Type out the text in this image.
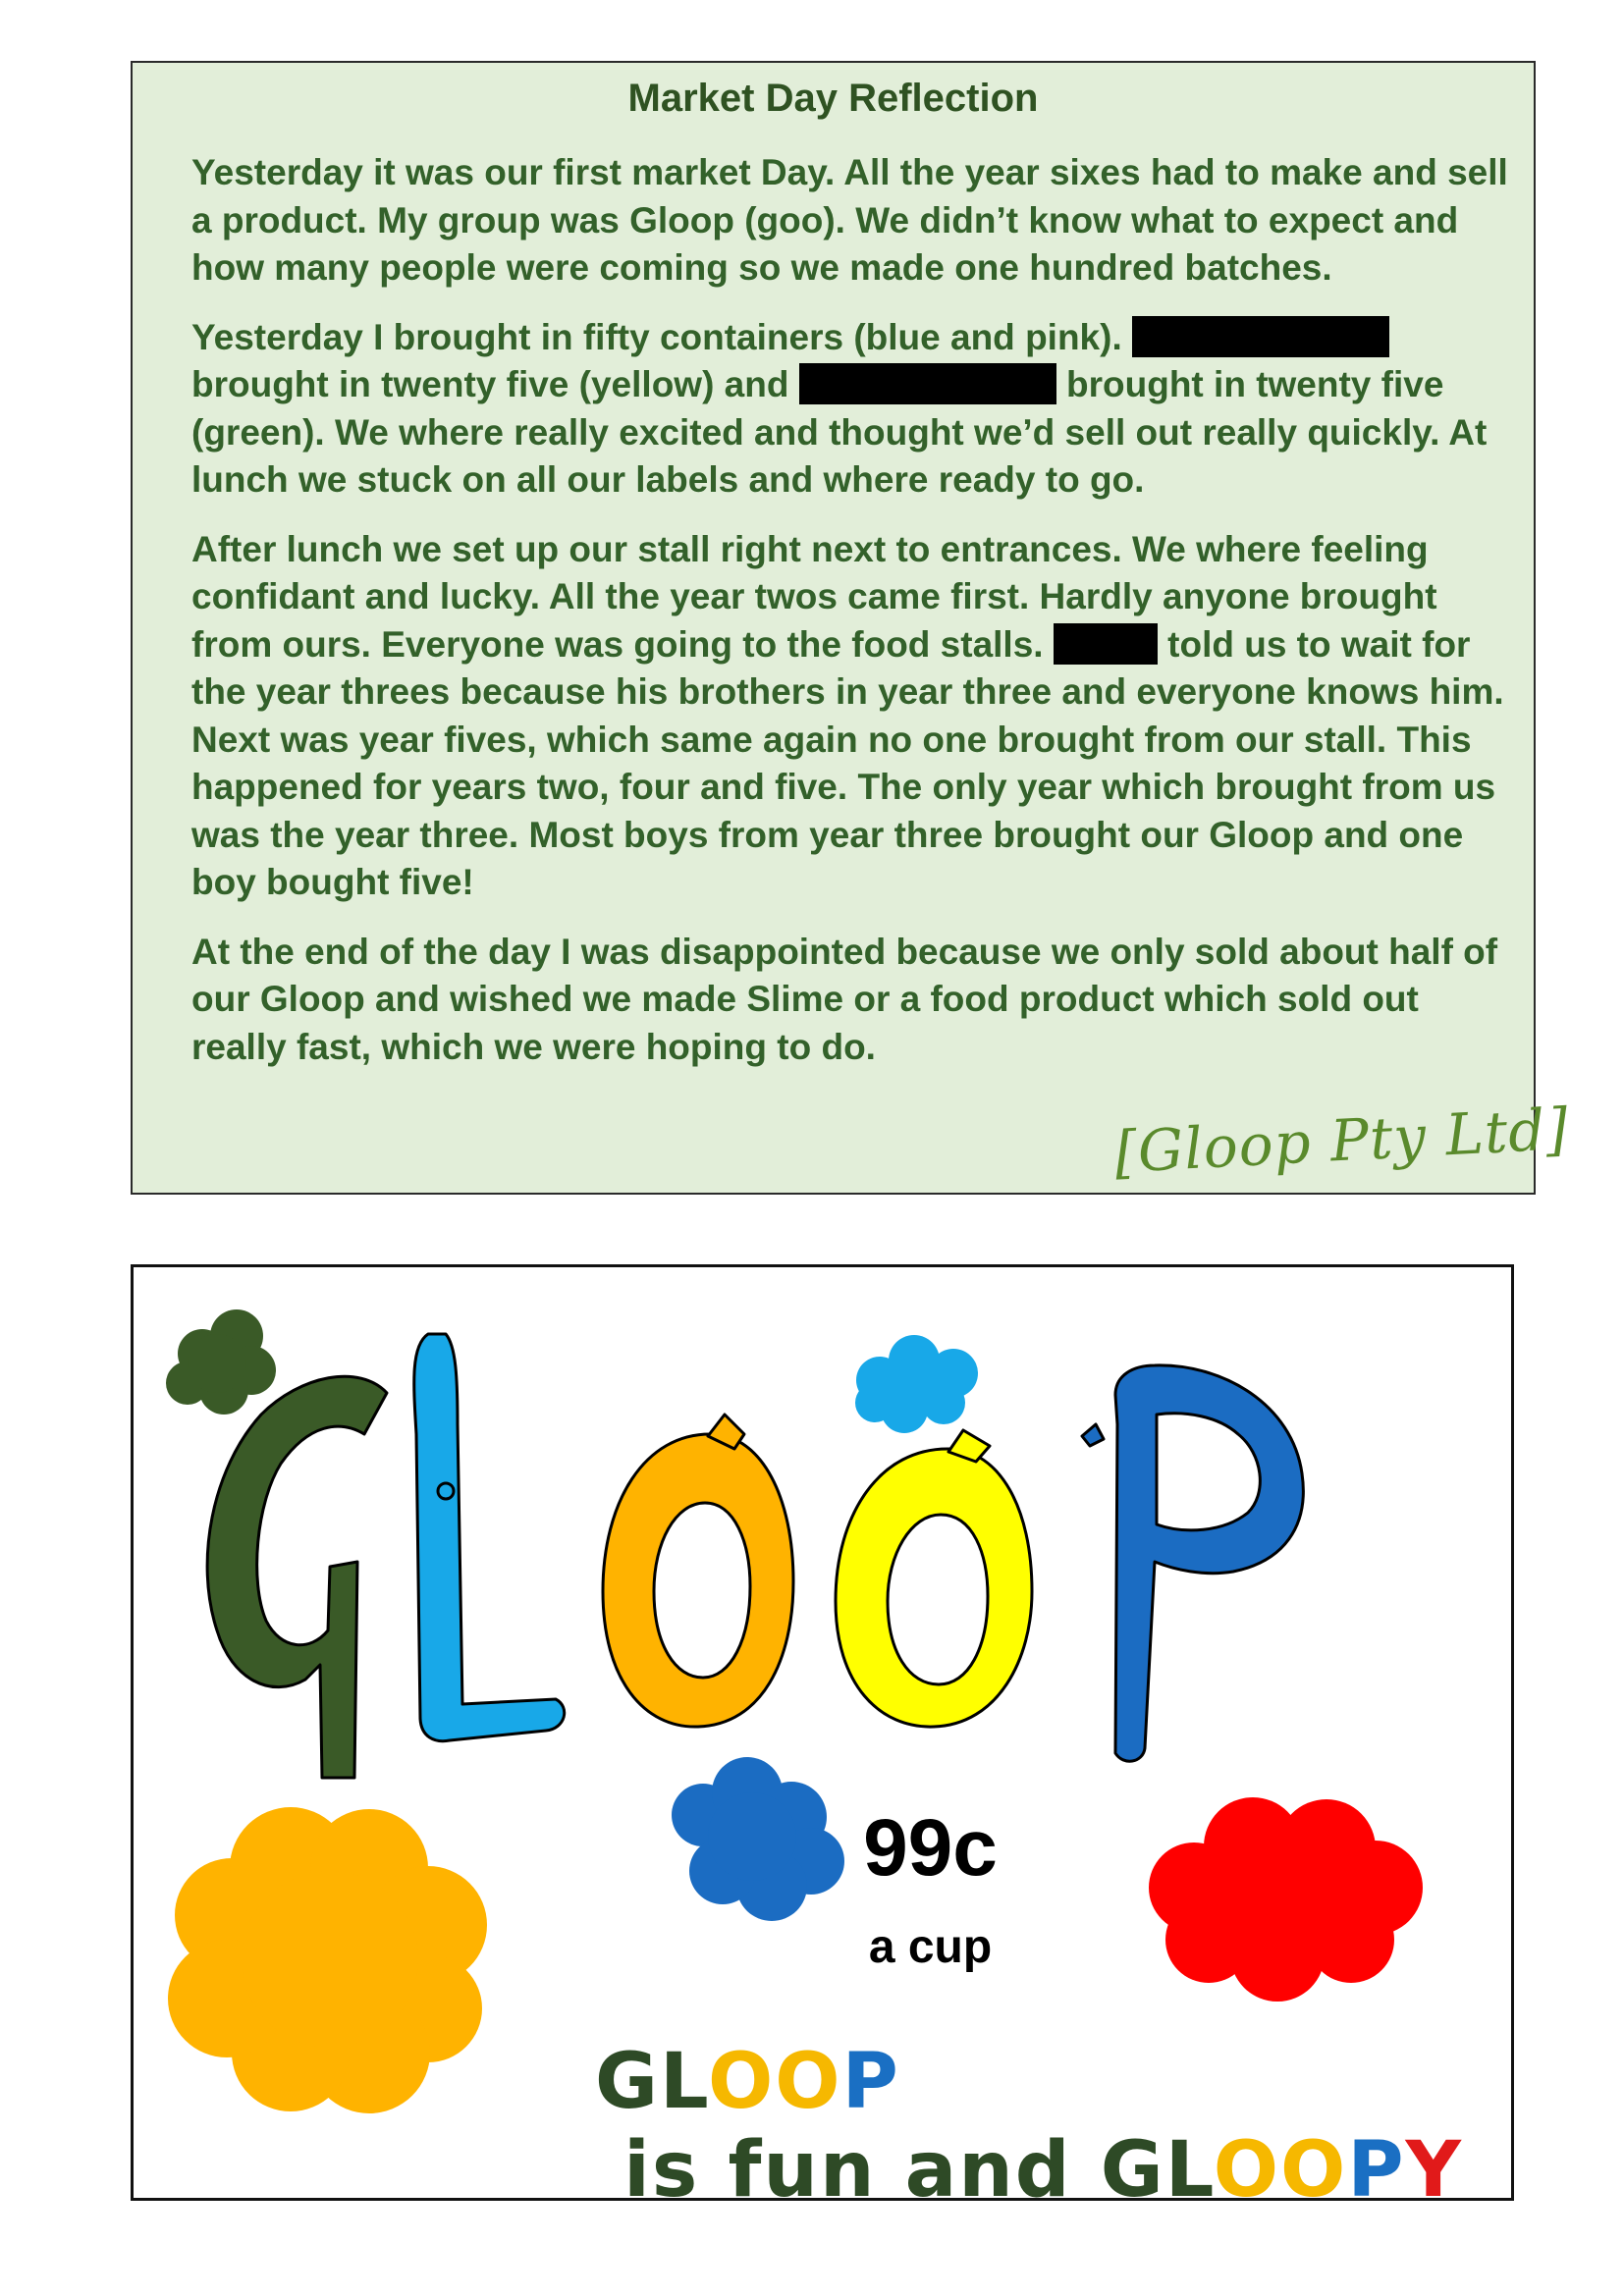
Market Day Reflection

Yesterday it was our first market Day. All the year sixes had to make and sell a product. My group was Gloop (goo). We didn’t know what to expect and how many people were coming so we made one hundred batches.

Yesterday I brought in fifty containers (blue and pink).  brought in twenty five (yellow) and	brought in twenty five (green). We where really excited and thought we’d sell out really quickly. At lunch we stuck on all our labels and where ready to go.

After lunch we set up our stall right next to entrances. We where feeling confidant and lucky. All the year twos came first. Hardly anyone brought from ours. Everyone was going to the food stalls.	told us to wait for the year threes because his brothers in year three and everyone knows him. Next was year fives, which same again no one brought from our stall. This happened for years two, four and five. The only year which brought from us was the year three. Most boys from year three brought our Gloop and one boy bought five!

At the end of the day I was disappointed because we only sold about half of our Gloop and wished we made Slime or a food product which sold out really fast, which we were hoping to do.

[Gloop Pty Ltd]
99c
a cup
GLOOP is fun and GLOOPY
